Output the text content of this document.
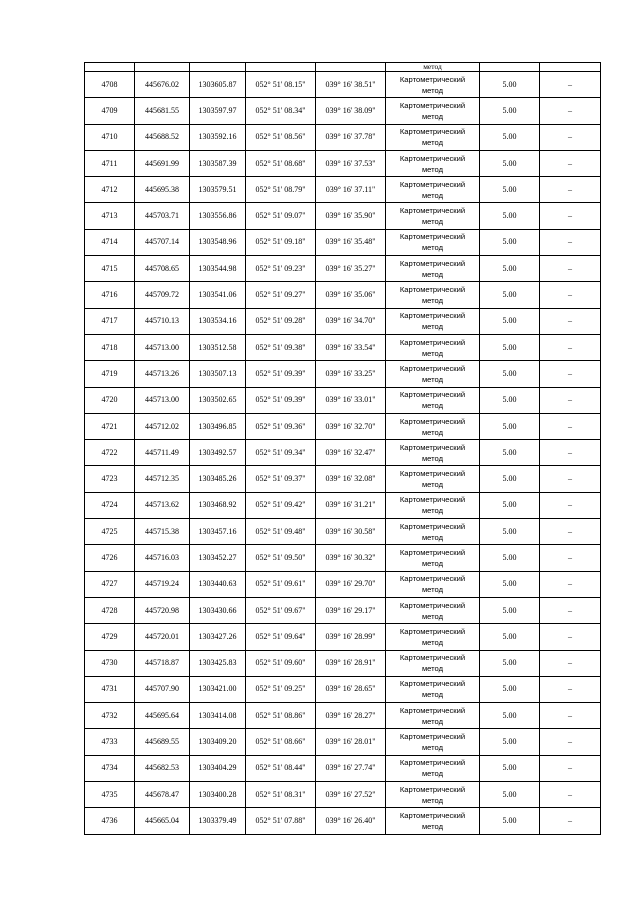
					метод		
4708	445676.02	1303605.87	052° 51' 08.15"	039° 16' 38.51"	Картометрический
метод	5.00	–
4709	445681.55	1303597.97	052° 51' 08.34"	039° 16' 38.09"	Картометрический
метод	5.00	–
4710	445688.52	1303592.16	052° 51' 08.56"	039° 16' 37.78"	Картометрический
метод	5.00	–
4711	445691.99	1303587.39	052° 51' 08.68"	039° 16' 37.53"	Картометрический
метод	5.00	–
4712	445695.38	1303579.51	052° 51' 08.79"	039° 16' 37.11"	Картометрический
метод	5.00	–
4713	445703.71	1303556.86	052° 51' 09.07"	039° 16' 35.90"	Картометрический
метод	5.00	–
4714	445707.14	1303548.96	052° 51' 09.18"	039° 16' 35.48"	Картометрический
метод	5.00	–
4715	445708.65	1303544.98	052° 51' 09.23"	039° 16' 35.27"	Картометрический
метод	5.00	–
4716	445709.72	1303541.06	052° 51' 09.27"	039° 16' 35.06"	Картометрический
метод	5.00	–
4717	445710.13	1303534.16	052° 51' 09.28"	039° 16' 34.70"	Картометрический
метод	5.00	–
4718	445713.00	1303512.58	052° 51' 09.38"	039° 16' 33.54"	Картометрический
метод	5.00	–
4719	445713.26	1303507.13	052° 51' 09.39"	039° 16' 33.25"	Картометрический
метод	5.00	–
4720	445713.00	1303502.65	052° 51' 09.39"	039° 16' 33.01"	Картометрический
метод	5.00	–
4721	445712.02	1303496.85	052° 51' 09.36"	039° 16' 32.70"	Картометрический
метод	5.00	–
4722	445711.49	1303492.57	052° 51' 09.34"	039° 16' 32.47"	Картометрический
метод	5.00	–
4723	445712.35	1303485.26	052° 51' 09.37"	039° 16' 32.08"	Картометрический
метод	5.00	–
4724	445713.62	1303468.92	052° 51' 09.42"	039° 16' 31.21"	Картометрический
метод	5.00	–
4725	445715.38	1303457.16	052° 51' 09.48"	039° 16' 30.58"	Картометрический
метод	5.00	–
4726	445716.03	1303452.27	052° 51' 09.50"	039° 16' 30.32"	Картометрический
метод	5.00	–
4727	445719.24	1303440.63	052° 51' 09.61"	039° 16' 29.70"	Картометрический
метод	5.00	–
4728	445720.98	1303430.66	052° 51' 09.67"	039° 16' 29.17"	Картометрический
метод	5.00	–
4729	445720.01	1303427.26	052° 51' 09.64"	039° 16' 28.99"	Картометрический
метод	5.00	–
4730	445718.87	1303425.83	052° 51' 09.60"	039° 16' 28.91"	Картометрический
метод	5.00	–
4731	445707.90	1303421.00	052° 51' 09.25"	039° 16' 28.65"	Картометрический
метод	5.00	–
4732	445695.64	1303414.08	052° 51' 08.86"	039° 16' 28.27"	Картометрический
метод	5.00	–
4733	445689.55	1303409.20	052° 51' 08.66"	039° 16' 28.01"	Картометрический
метод	5.00	–
4734	445682.53	1303404.29	052° 51' 08.44"	039° 16' 27.74"	Картометрический
метод	5.00	–
4735	445678.47	1303400.28	052° 51' 08.31"	039° 16' 27.52"	Картометрический
метод	5.00	–
4736	445665.04	1303379.49	052° 51' 07.88"	039° 16' 26.40"	Картометрический
метод	5.00	–
